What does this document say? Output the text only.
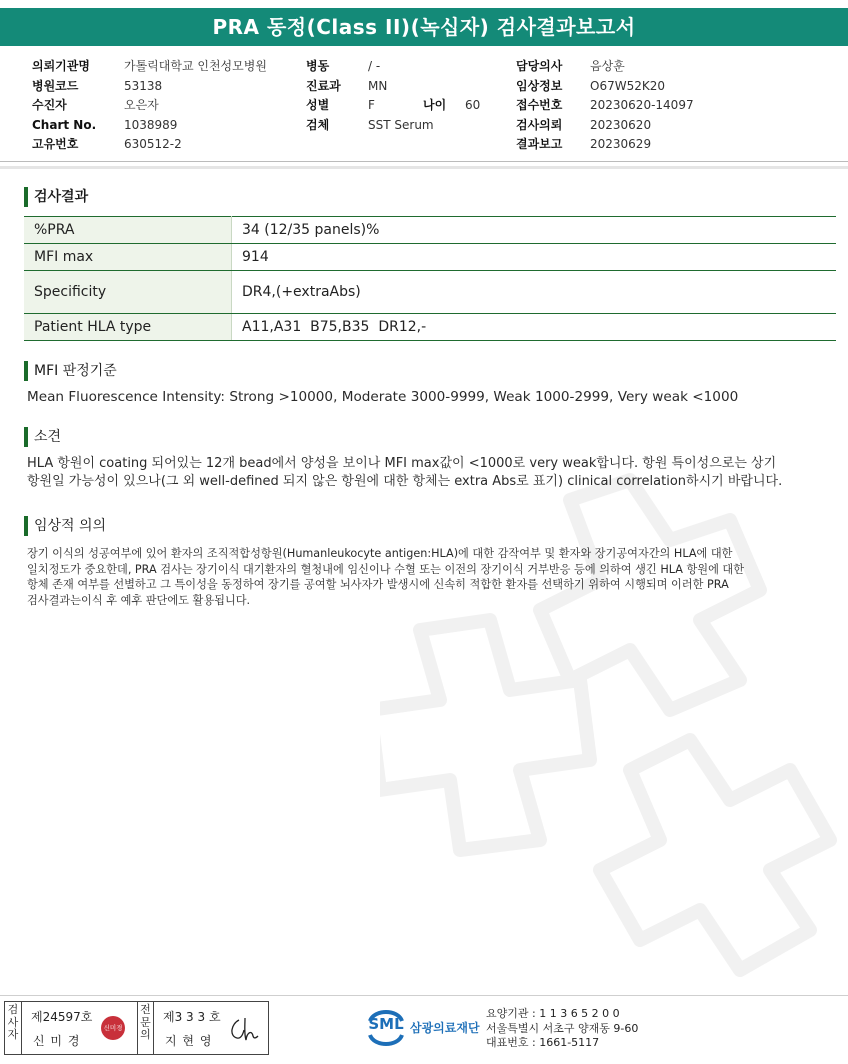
PRA 동정(Class II)(녹십자) 검사결과보고서
의뢰기관명	가톨릭대학교 인천성모병원
병원코드	53138
수진자	오은자
Chart No. 1038989
고유번호	630512-2
병동	/ -
진료과 MN
성별	F	나이 60
검체	SST Serum
담당의사 음상훈
임상정보 O67W52K20
접수번호 20230620-14097
검사의뢰 20230620
결과보고 20230629
검사결과
%PRA	34 (12/35 panels)%
MFI max	914
Specificity	DR4,(+extraAbs)
Patient HLA type	A11,A31  B75,B35  DR12,-
MFI 판정기준
Mean Fluorescence Intensity: Strong >10000, Moderate 3000-9999, Weak 1000-2999, Very weak <1000
소견
HLA 항원이 coating 되어있는 12개 bead에서 양성을 보이나 MFI max값이 <1000로 very weak합니다. 항원 특이성으로는 상기
항원일 가능성이 있으나(그 외 well-defined 되지 않은 항원에 대한 항체는 extra Abs로 표기) clinical correlation하시기 바랍니다.
임상적 의의
장기 이식의 성공여부에 있어 환자의 조직적합성항원(Humanleukocyte antigen:HLA)에 대한 감작여부 및 환자와 장기공여자간의 HLA에 대한
일치정도가 중요한데, PRA 검사는 장기이식 대기환자의 혈청내에 임신이나 수혈 또는 이전의 장기이식 거부반응 등에 의하여 생긴 HLA 항원에 대한
항체 존재 여부를 선별하고 그 특이성을 동정하여 장기를 공여할 뇌사자가 발생시에 신속히 적합한 환자를 선택하기 위하여 시행되며 이러한 PRA
검사결과는이식 후 예후 판단에도 활용됩니다.
검
사
자
제24597호
신 미 경
신미경
전
문
의
제3 3 3 호
지 현 영
SML 삼광의료재단
요양기관 : 1 1 3 6 5 2 0 0
서울특별시 서초구 양재동 9-60
대표번호 : 1661-5117
